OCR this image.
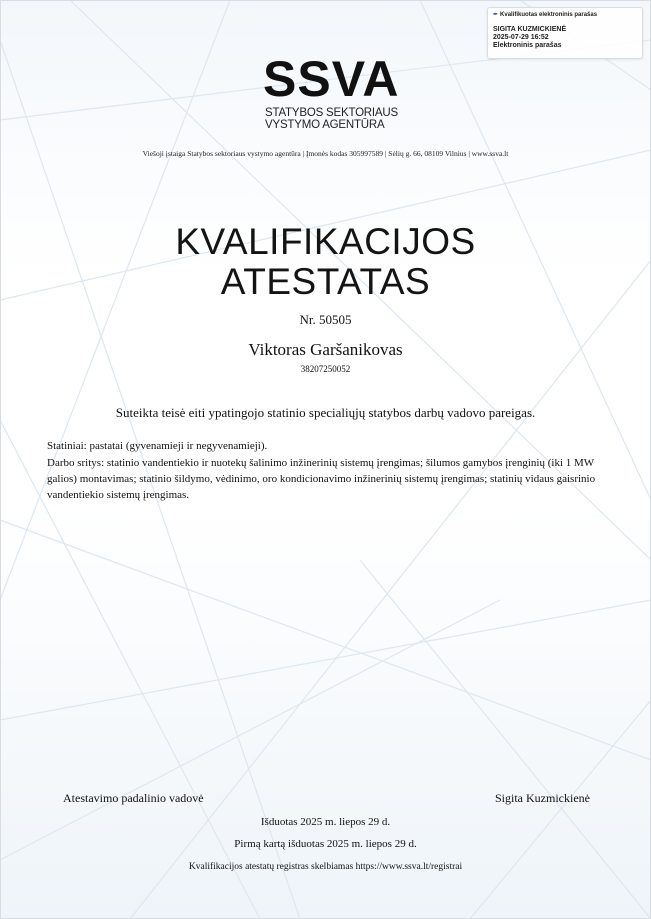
✒ Kvalifikuotas elektroninis parašas
SIGITA KUZMICKIENĖ
2025-07-29 16:52
Elektroninis parašas
SSVA
STATYBOS SEKTORIAUS
VYSTYMO AGENTŪRA
Viešoji įstaiga Statybos sektoriaus vystymo agentūra | Įmonės kodas 305997589 | Sėlių g. 66, 08109 Vilnius | www.ssva.lt
KVALIFIKACIJOS
ATESTATAS
Nr. 50505
Viktoras Garšanikovas
38207250052
Suteikta teisė eiti ypatingojo statinio specialiųjų statybos darbų vadovo pareigas.
Statiniai: pastatai (gyvenamieji ir negyvenamieji).
Darbo sritys: statinio vandentiekio ir nuotekų šalinimo inžinerinių sistemų įrengimas; šilumos gamybos įrenginių (iki 1 MW galios) montavimas; statinio šildymo, vėdinimo, oro kondicionavimo inžinerinių sistemų įrengimas; statinių vidaus gaisrinio vandentiekio sistemų įrengimas.
Atestavimo padalinio vadovė	Sigita Kuzmickienė
Išduotas 2025 m. liepos 29 d.
Pirmą kartą išduotas 2025 m. liepos 29 d.
Kvalifikacijos atestatų registras skelbiamas https://www.ssva.lt/registrai
